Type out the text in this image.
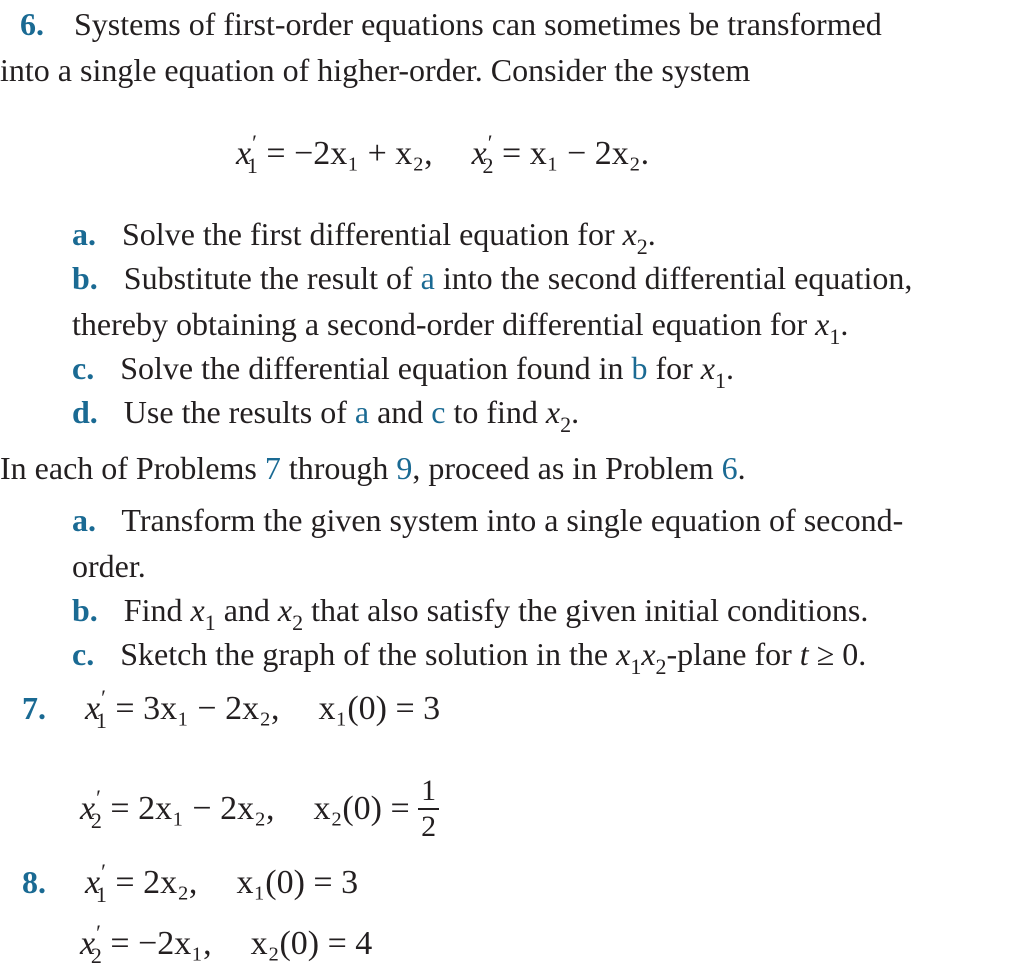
6. Systems of first-order equations can sometimes be transformed
into a single equation of higher-order. Consider the system
$x'_1 = -2x_1 + x_2$, $x'_2 = x_1 - 2x_2$.
a. Solve the first differential equation for $x_2$.
b. Substitute the result of a into the second differential equation,
thereby obtaining a second-order differential equation for $x_1$.
c. Solve the differential equation found in b for $x_1$.
d. Use the results of a and c to find $x_2$.
In each of Problems 7 through 9, proceed as in Problem 6.
a. Transform the given system into a single equation of second-
order.
b. Find $x_1$ and $x_2$ that also satisfy the given initial conditions.
c. Sketch the graph of the solution in the $x_1x_2$-plane for t ≥ 0.
7. $x'_1 = 3x_1 - 2x_2$, x₁(0) = 3
$x'_2 = 2x_1 - 2x_2$, $x_2(0) = \frac{1}{2}$
8. $x'_1 = 2x_2$, x₁(0) = 3
$x'_2 = -2x_1$, x₂(0) = 4
